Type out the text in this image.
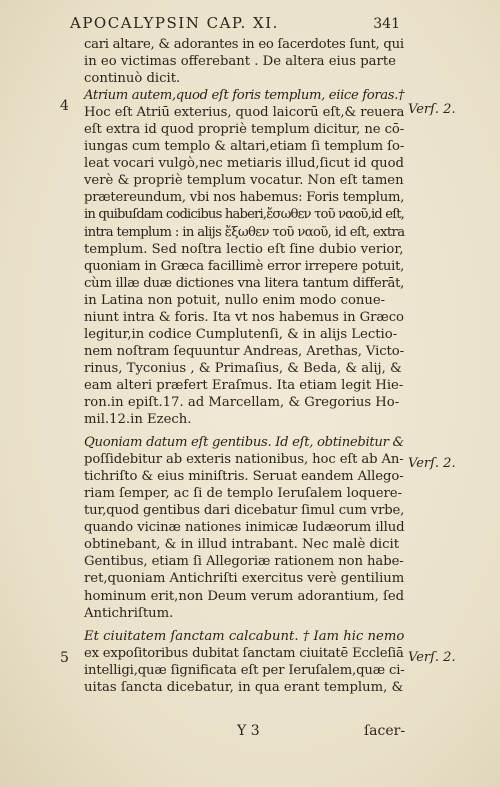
APOCALYPSIN CAP. XI.	341
4	Verſ. 2.
Verſ. 2.
5	Verſ. 2.
cari altare, & adorantes in eo ſacerdotes ſunt, qui
in eo victimas offerebant . De altera eius parte
continuò dicit.
Atrium autem,quod eſt foris templum, eiice foras.†
Hoc eſt Atriū exterius, quod laicorū eſt,& reuera
eſt extra id quod propriè templum dicitur, ne cō-
iungas cum templo & altari,etiam ſi templum ſo-
leat vocari vulgò,nec metiaris illud,ſicut id quod
verè & propriè templum vocatur. Non eſt tamen
prætereundum, vbi nos habemus: Foris templum,
in quibuſdam codicibus haberi,ἔσωθεν τοῦ ναοῦ,id eſt,
intra templum : in alijs ἔξωθεν τοῦ ναοῦ, id eſt, extra
templum. Sed noſtra lectio eſt ſine dubio verior,
quoniam in Græca facillimè error irrepere potuit,
cùm illæ duæ dictiones vna litera tantum differāt,
in Latina non potuit, nullo enim modo conue-
niunt intra & foris. Ita vt nos habemus in Græco
legitur,in codice Cumplutenſi, & in alijs Lectio-
nem noſtram ſequuntur Andreas, Arethas, Victo-
rinus, Tyconius , & Primaſius, & Beda, & alij, &
eam alteri præfert Eraſmus. Ita etiam legit Hie-
ron.in epiſt.17. ad Marcellam, & Gregorius Ho-
mil.12.in Ezech.
Quoniam datum eſt gentibus. Id eſt, obtinebitur &
poſſidebitur ab exteris nationibus, hoc eſt ab An-
tichriſto & eius miniſtris. Seruat eandem Allego-
riam ſemper, ac ſi de templo Ieruſalem loquere-
tur,quod gentibus dari dicebatur ſimul cum vrbe,
quando vicinæ nationes inimicæ Iudæorum illud
obtinebant, & in illud intrabant. Nec malè dicit
Gentibus, etiam ſi Allegoriæ rationem non habe-
ret,quoniam Antichriſti exercitus verè gentilium
hominum erit,non Deum verum adorantium, ſed
Antichriſtum.
Et ciuitatem ſanctam calcabunt. † Iam hic nemo
ex expoſitoribus dubitat ſanctam ciuitatē Eccleſiā
intelligi,quæ ſignificata eſt per Ieruſalem,quæ ci-
uitas ſancta dicebatur, in qua erant templum, &
Y 3	ſacer-
